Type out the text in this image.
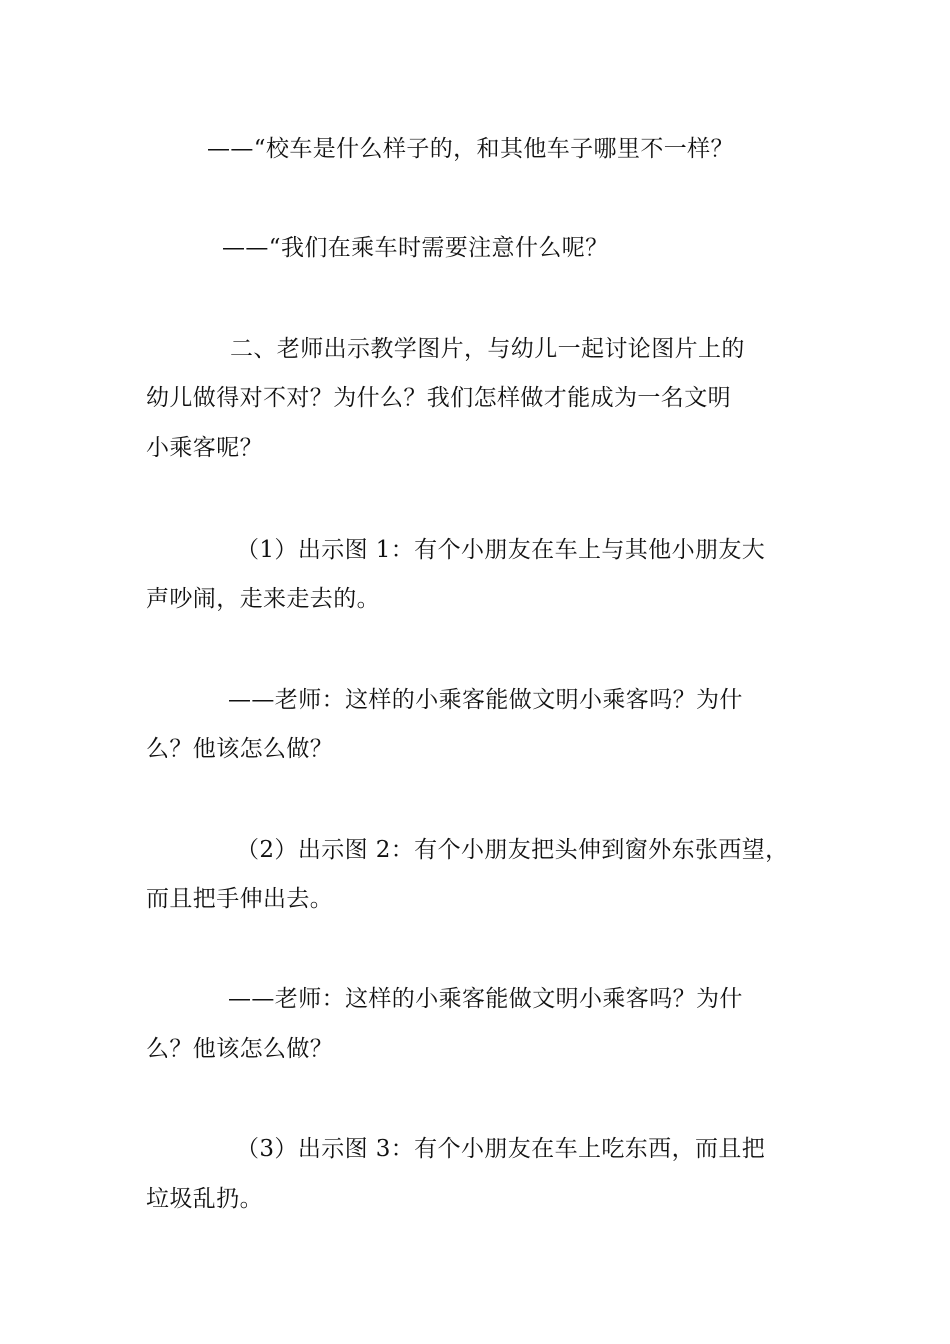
——“校车是什么样子的，和其他车子哪里不一样？
——“我们在乘车时需要注意什么呢？
二、老师出示教学图片，与幼儿一起讨论图片上的
幼儿做得对不对？为什么？我们怎样做才能成为一名文明
小乘客呢？
（1）出示图 1：有个小朋友在车上与其他小朋友大
声吵闹，走来走去的。
——老师：这样的小乘客能做文明小乘客吗？为什
么？他该怎么做？
（2）出示图 2：有个小朋友把头伸到窗外东张西望，
而且把手伸出去。
——老师：这样的小乘客能做文明小乘客吗？为什
么？他该怎么做？
（3）出示图 3：有个小朋友在车上吃东西，而且把
垃圾乱扔。
